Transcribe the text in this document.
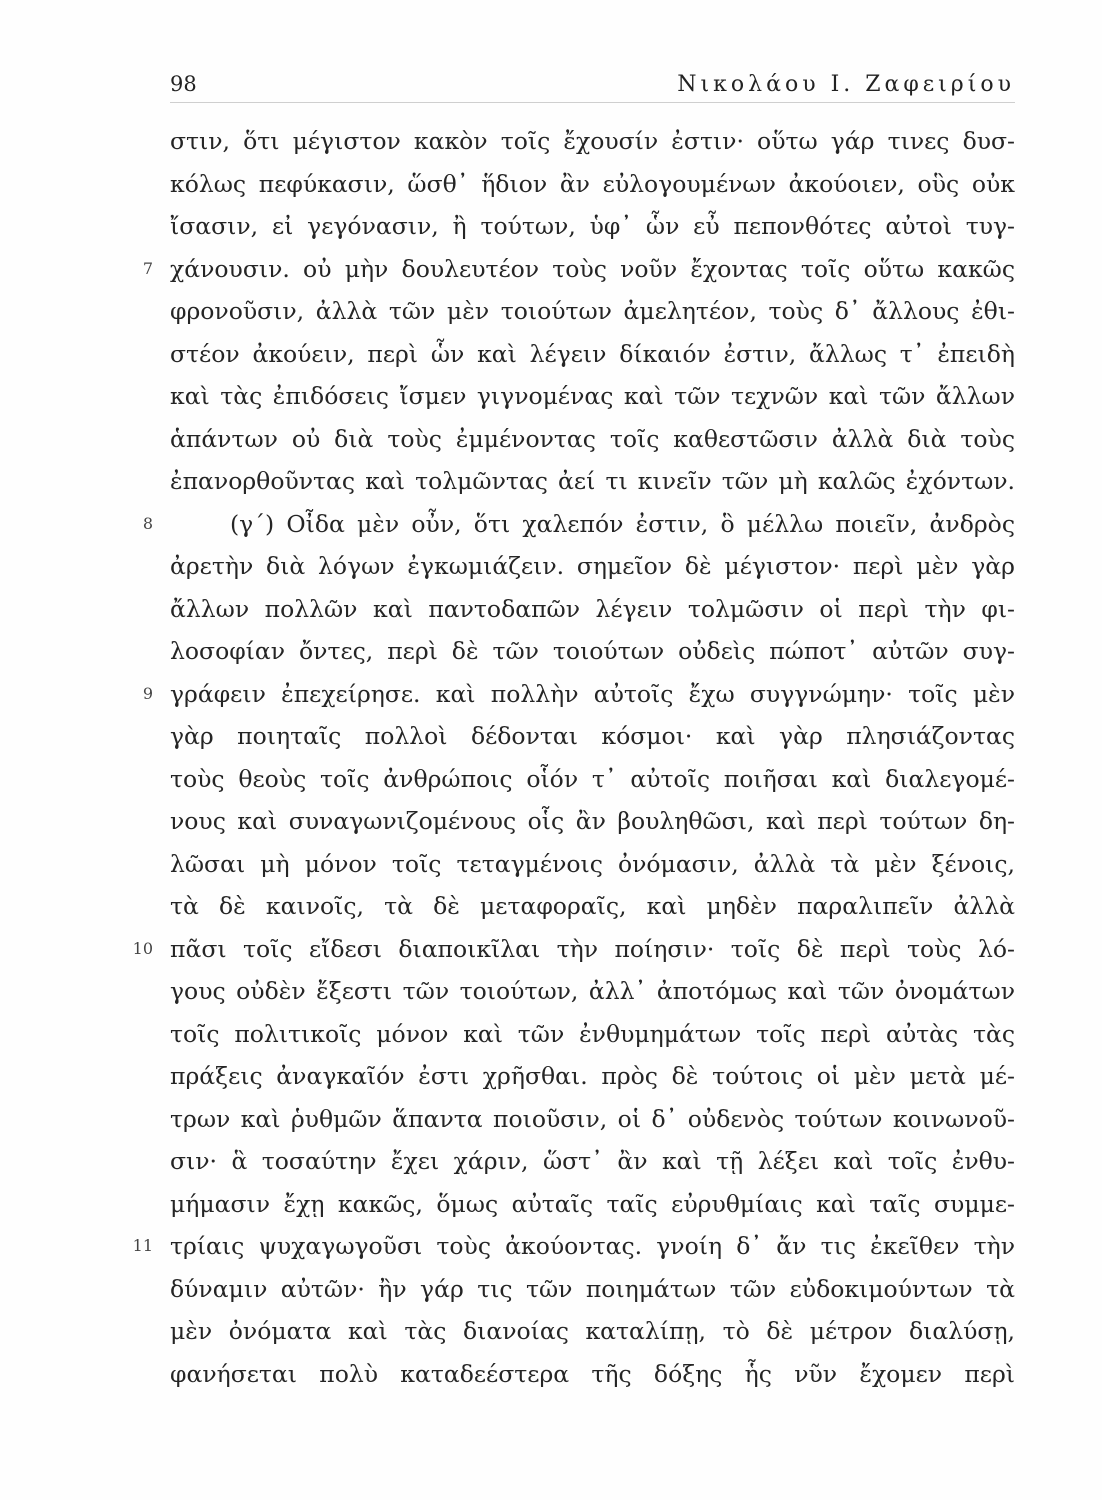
98	Νικολάου Ι. Ζαφειρίου
στιν, ὅτι μέγιστον κακὸν τοῖς ἔχουσίν ἐστιν· οὕτω γάρ τινες δυσ-
κόλως πεφύκασιν, ὥσθ᾽ ἥδιον ἂν εὐλογουμένων ἀκούοιεν, οὓς οὐκ
ἴσασιν, εἰ γεγόνασιν, ἢ τούτων, ὑφ᾽ ὧν εὖ πεπονθότες αὐτοὶ τυγ-
7 χάνουσιν. οὐ μὴν δουλευτέον τοὺς νοῦν ἔχοντας τοῖς οὕτω κακῶς
φρονοῦσιν, ἀλλὰ τῶν μὲν τοιούτων ἀμελητέον, τοὺς δ᾽ ἄλλους ἐθι-
στέον ἀκούειν, περὶ ὧν καὶ λέγειν δίκαιόν ἐστιν, ἄλλως τ᾽ ἐπειδὴ
καὶ τὰς ἐπιδόσεις ἴσμεν γιγνομένας καὶ τῶν τεχνῶν καὶ τῶν ἄλλων
ἁπάντων οὐ διὰ τοὺς ἐμμένοντας τοῖς καθεστῶσιν ἀλλὰ διὰ τοὺς
ἐπανορθοῦντας καὶ τολμῶντας ἀεί τι κινεῖν τῶν μὴ καλῶς ἐχόντων.
8	(γ΄) Οἶδα μὲν οὖν, ὅτι χαλεπόν ἐστιν, ὃ μέλλω ποιεῖν, ἀνδρὸς
ἀρετὴν διὰ λόγων ἐγκωμιάζειν. σημεῖον δὲ μέγιστον· περὶ μὲν γὰρ
ἄλλων πολλῶν καὶ παντοδαπῶν λέγειν τολμῶσιν οἱ περὶ τὴν φι-
λοσοφίαν ὄντες, περὶ δὲ τῶν τοιούτων οὐδεὶς πώποτ᾽ αὐτῶν συγ-
9 γράφειν ἐπεχείρησε. καὶ πολλὴν αὐτοῖς ἔχω συγγνώμην· τοῖς μὲν
γὰρ ποιηταῖς πολλοὶ δέδονται κόσμοι· καὶ γὰρ πλησιάζοντας
τοὺς θεοὺς τοῖς ἀνθρώποις οἷόν τ᾽ αὐτοῖς ποιῆσαι καὶ διαλεγομέ-
νους καὶ συναγωνιζομένους οἷς ἂν βουληθῶσι, καὶ περὶ τούτων δη-
λῶσαι μὴ μόνον τοῖς τεταγμένοις ὀνόμασιν, ἀλλὰ τὰ μὲν ξένοις,
τὰ δὲ καινοῖς, τὰ δὲ μεταφοραῖς, καὶ μηδὲν παραλιπεῖν ἀλλὰ
10 πᾶσι τοῖς εἴδεσι διαποικῖλαι τὴν ποίησιν· τοῖς δὲ περὶ τοὺς λό-
γους οὐδὲν ἔξεστι τῶν τοιούτων, ἀλλ᾽ ἀποτόμως καὶ τῶν ὀνομάτων
τοῖς πολιτικοῖς μόνον καὶ τῶν ἐνθυμημάτων τοῖς περὶ αὐτὰς τὰς
πράξεις ἀναγκαῖόν ἐστι χρῆσθαι. πρὸς δὲ τούτοις οἱ μὲν μετὰ μέ-
τρων καὶ ῥυθμῶν ἅπαντα ποιοῦσιν, οἱ δ᾽ οὐδενὸς τούτων κοινωνοῦ-
σιν· ἃ τοσαύτην ἔχει χάριν, ὥστ᾽ ἂν καὶ τῇ λέξει καὶ τοῖς ἐνθυ-
μήμασιν ἔχῃ κακῶς, ὅμως αὐταῖς ταῖς εὐρυθμίαις καὶ ταῖς συμμε-
11 τρίαις ψυχαγωγοῦσι τοὺς ἀκούοντας. γνοίη δ᾽ ἄν τις ἐκεῖθεν τὴν
δύναμιν αὐτῶν· ἢν γάρ τις τῶν ποιημάτων τῶν εὐδοκιμούντων τὰ
μὲν ὀνόματα καὶ τὰς διανοίας καταλίπῃ, τὸ δὲ μέτρον διαλύσῃ,
φανήσεται πολὺ καταδεέστερα τῆς δόξης ἧς νῦν ἔχομεν περὶ
